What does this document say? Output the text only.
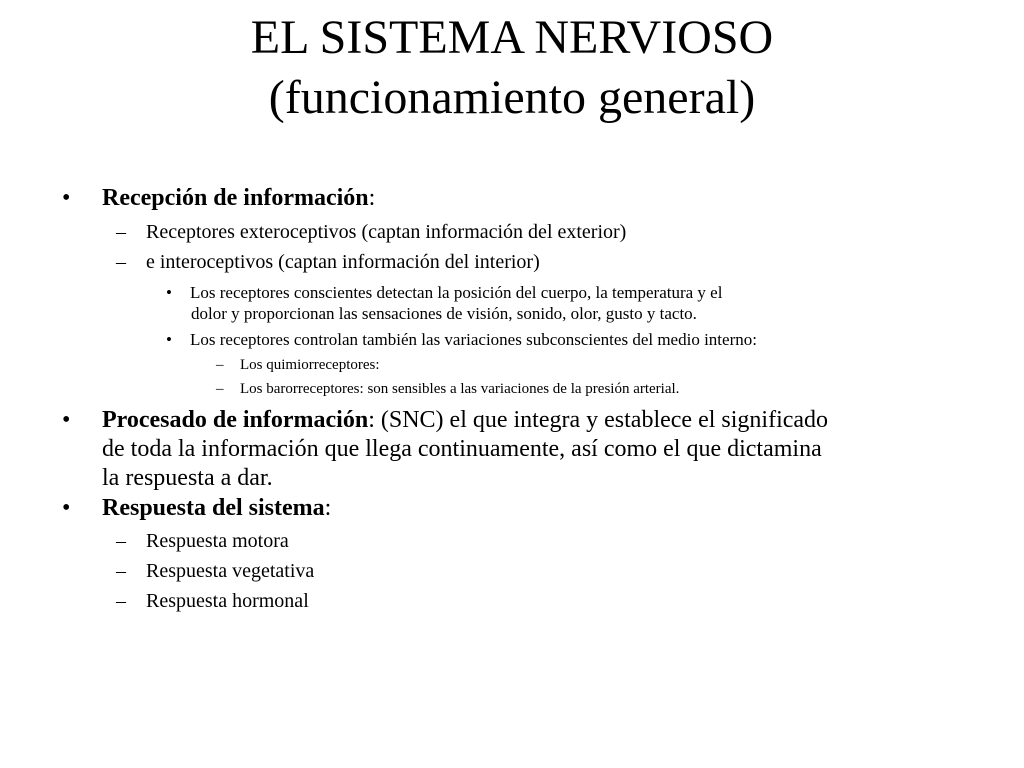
EL SISTEMA NERVIOSO
(funcionamiento general)
• Recepción de información:
– Receptores exteroceptivos (captan información del exterior)
– e interoceptivos (captan información del interior)
• Los receptores conscientes detectan la posición del cuerpo, la temperatura y el
dolor y proporcionan las sensaciones de visión, sonido, olor, gusto y tacto.
• Los receptores controlan también las variaciones subconscientes del medio interno:
– Los quimiorreceptores:
– Los barorreceptores: son sensibles a las variaciones de la presión arterial.
• Procesado de información: (SNC) el que integra y establece el significado
de toda la información que llega continuamente, así como el que dictamina
la respuesta a dar.
• Respuesta del sistema:
– Respuesta motora
– Respuesta vegetativa
– Respuesta hormonal
